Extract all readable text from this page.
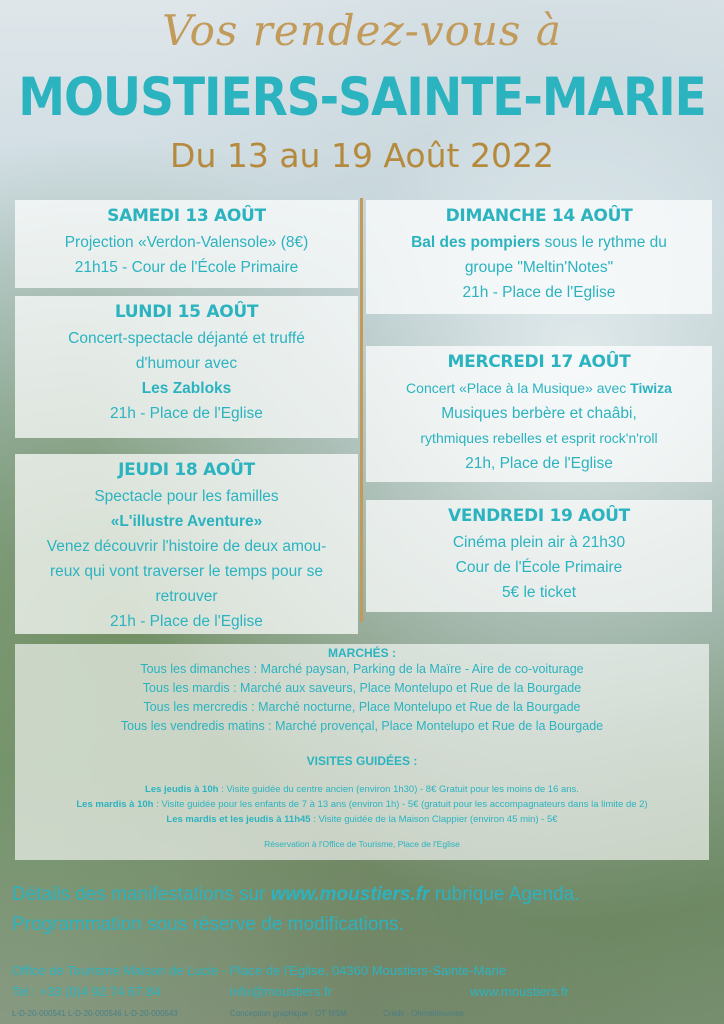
Vos rendez-vous à
MOUSTIERS-SAINTE-MARIE
Du 13 au 19 Août 2022
SAMEDI 13 AOÛT
Projection «Verdon-Valensole» (8€)
21h15 - Cour de l'École Primaire
LUNDI 15 AOÛT
Concert-spectacle déjanté et truffé
d'humour avec
Les Zabloks
21h - Place de l'Eglise
JEUDI 18 AOÛT
Spectacle pour les familles
«L'illustre Aventure»
Venez découvrir l'histoire de deux amou-
reux qui vont traverser le temps pour se
retrouver
21h - Place de l'Eglise
DIMANCHE 14 AOÛT
Bal des pompiers sous le rythme du
groupe "Meltin'Notes"
21h - Place de l'Eglise
MERCREDI 17 AOÛT
Concert «Place à la Musique» avec Tiwiza
Musiques berbère et chaâbi,
rythmiques rebelles et esprit rock'n'roll
21h, Place de l'Eglise
VENDREDI 19 AOÛT
Cinéma plein air à 21h30
Cour de l'École Primaire
5€ le ticket
MARCHÉS :
Tous les dimanches : Marché paysan, Parking de la Maïre - Aire de co-voiturage
Tous les mardis : Marché aux saveurs, Place Montelupo et Rue de la Bourgade
Tous les mercredis : Marché nocturne, Place Montelupo et Rue de la Bourgade
Tous les vendredis matins : Marché provençal, Place Montelupo et Rue de la Bourgade
VISITES GUIDÉES :
Les jeudis à 10h : Visite guidée du centre ancien (environ 1h30) - 8€ Gratuit pour les moins de 16 ans.
Les mardis à 10h : Visite guidée pour les enfants de 7 à 13 ans (environ 1h) - 5€ (gratuit pour les accompagnateurs dans la limite de 2)
Les mardis et les jeudis à 11h45 : Visite guidée de la Maison Clappier (environ 45 min) - 5€
Réservation à l'Office de Tourisme, Place de l'Eglise
Détails des manifestations sur www.moustiers.fr rubrique Agenda.
Programmation sous réserve de modifications.
Office de Tourisme Maison de Lucie - Place de l'Eglise, 04360 Moustiers-Sainte-Marie
Tel : +33 (0)4 92 74 67 84	info@moustiers.fr	www.moustiers.fr
L-D-20-000541 L-D-20-000546 L-D-20-000543	Conception graphique : OT MSM	Crédit : Ohmeltesvoies
